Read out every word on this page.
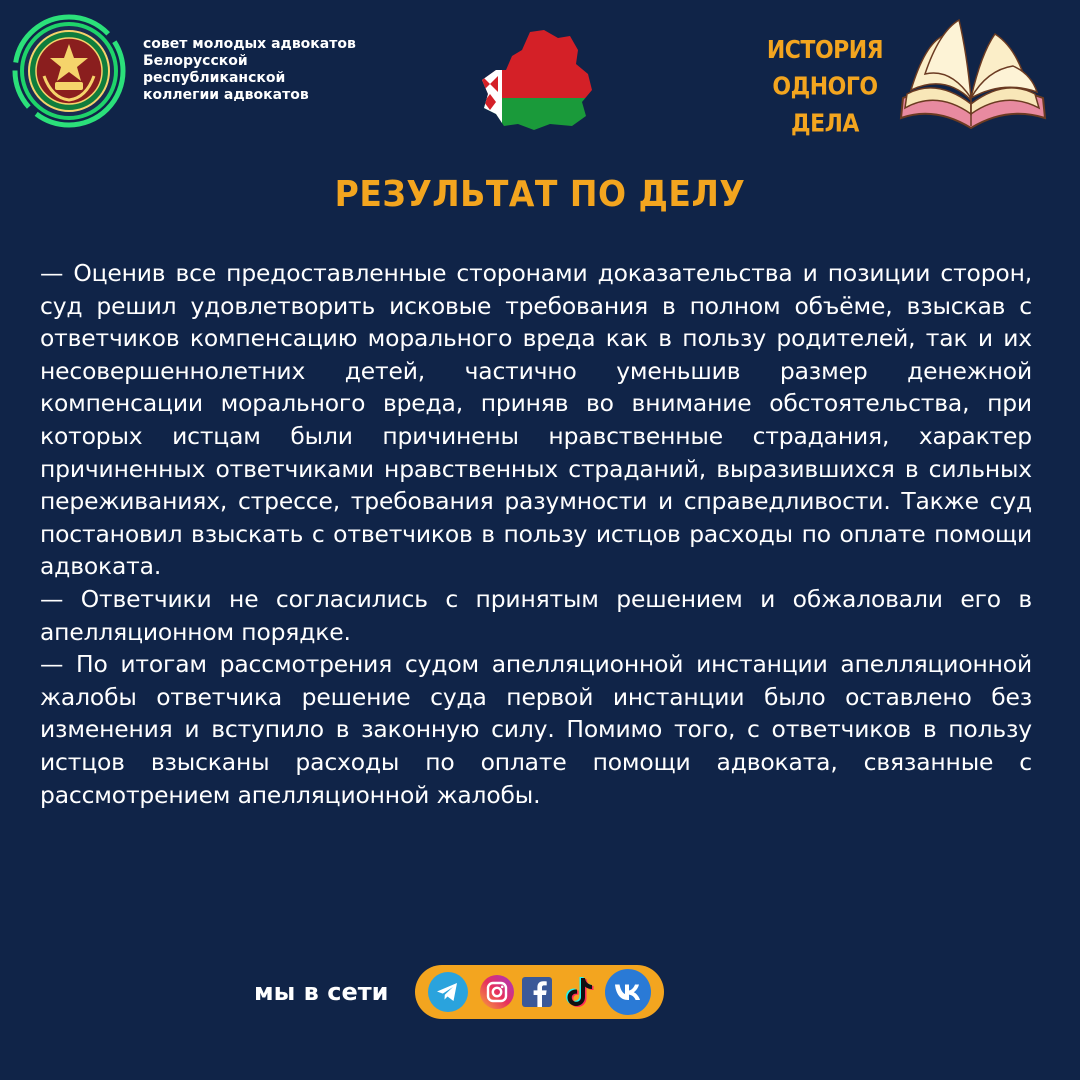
совет молодых адвокатов
Белорусской
республиканской
коллегии адвокатов
ИСТОРИЯ
ОДНОГО
ДЕЛА
РЕЗУЛЬТАТ ПО ДЕЛУ

— Оценив все предоставленные сторонами доказательства и позиции сторон, суд решил удовлетворить исковые требования в полном объёме, взыскав с ответчиков компенсацию морального вреда как в пользу родителей, так и их несовершеннолетних детей, частично уменьшив размер денежной компенсации морального вреда, приняв во внимание обстоятельства, при которых истцам были причинены нравственные страдания, характер причиненных ответчиками нравственных страданий, выразившихся в сильных переживаниях, стрессе, требования разумности и справедливости. Также суд постановил взыскать с ответчиков в пользу истцов расходы по оплате помощи адвоката.

— Ответчики не согласились с принятым решением и обжаловали его в апелляционном порядке.

— По итогам рассмотрения судом апелляционной инстанции апелляционной жалобы ответчика решение суда первой инстанции было оставлено без изменения и вступило в законную силу. Помимо того, с ответчиков в пользу истцов взысканы расходы по оплате помощи адвоката, связанные с рассмотрением апелляционной жалобы.

мы в сети
